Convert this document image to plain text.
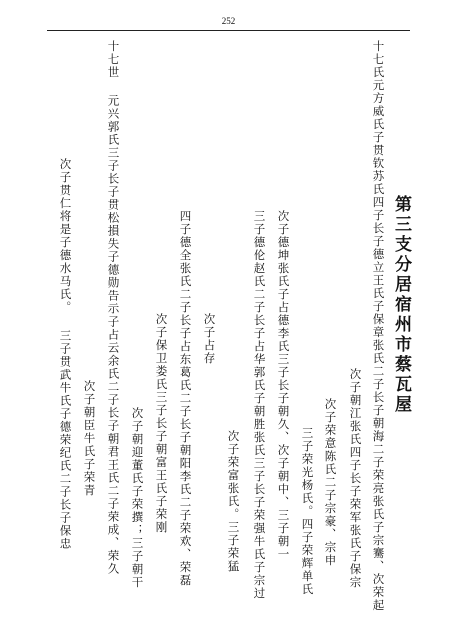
252
第三支分居宿州市蔡瓦屋
十七氏元方威氏子贯钦苏氏四子长子德立王氏子保章张氏二子长子朝海二子荣亮张氏子宗騫、次荣起
次子朝江张氏四子长子荣军张氏子保宗
次子荣意陈氏二子宗豪、宗申
三子荣光杨氏。四子荣辉单氏
次子德坤张氏子占德李氏三子长子朝久、次子朝中、三子朝一
三子德伦赵氏二子长子占华郭氏子朝胜张氏三子长子荣强牛氏子宗过
次子荣富张氏。三子荣猛
次子占存
四子德全张氏二子长子占东葛氏二子长子朝阳李氏二子荣欢、荣磊
次子保卫娄氏三子长子朝富王氏子荣刚
次子朝迎董氏子荣撰；三子朝干
十七世 元兴郭氏三子长子贯松損失子德勋告示子占云余氏二子长子朝君王氏二子荣成、荣久
次子朝臣牛氏子荣青
次子贯仁将是子德水马氏。 三子贯武牛氏子德荣纪氏二子长子保忠
